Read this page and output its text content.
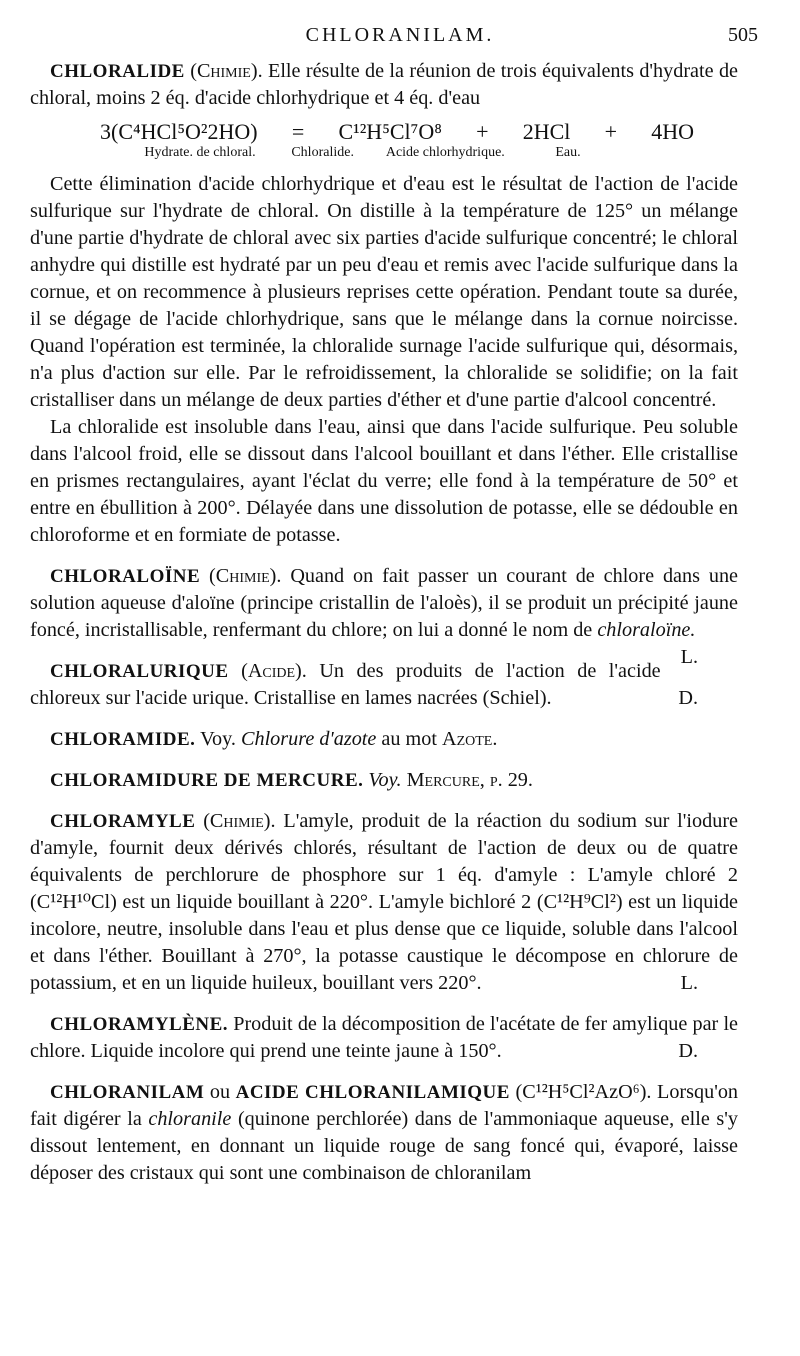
CHLORANILAM.	505

CHLORALIDE (Chimie). Elle résulte de la réunion de trois équivalents d'hydrate de chloral, moins 2 éq. d'acide chlorhydrique et 4 éq. d'eau

3(C⁴HCl⁵O²2HO) = C¹²H⁵Cl⁷O⁸ + 2HCl + 4HO
Hydrate. de chloral.	Chloralide.	Acide chlorhydrique.	Eau.

Cette élimination d'acide chlorhydrique et d'eau est le résultat de l'action de l'acide sulfurique sur l'hydrate de chloral. On distille à la température de 125° un mélange d'une partie d'hydrate de chloral avec six parties d'acide sulfurique concentré; le chloral anhydre qui distille est hydraté par un peu d'eau et remis avec l'acide sulfurique dans la cornue, et on recommence à plusieurs reprises cette opération. Pendant toute sa durée, il se dégage de l'acide chlorhydrique, sans que le mélange dans la cornue noircisse. Quand l'opération est terminée, la chloralide surnage l'acide sulfurique qui, désormais, n'a plus d'action sur elle. Par le refroidissement, la chloralide se solidifie; on la fait cristalliser dans un mélange de deux parties d'éther et d'une partie d'alcool concentré.

La chloralide est insoluble dans l'eau, ainsi que dans l'acide sulfurique. Peu soluble dans l'alcool froid, elle se dissout dans l'alcool bouillant et dans l'éther. Elle cristallise en prismes rectangulaires, ayant l'éclat du verre; elle fond à la température de 50° et entre en ébullition à 200°. Délayée dans une dissolution de potasse, elle se dédouble en chloroforme et en formiate de potasse.

CHLORALOÏNE (Chimie). Quand on fait passer un courant de chlore dans une solution aqueuse d'aloïne (principe cristallin de l'aloès), il se produit un précipité jaune foncé, incristallisable, renfermant du chlore; on lui a donné le nom de chloraloïne.
L.

CHLORALURIQUE (Acide). Un des produits de l'action de l'acide chloreux sur l'acide urique. Cristallise en lames nacrées (Schiel).	D.

CHLORAMIDE. Voy. Chlorure d'azote au mot Azote.

CHLORAMIDURE DE MERCURE. Voy. Mercure, p. 29.

CHLORAMYLE (Chimie). L'amyle, produit de la réaction du sodium sur l'iodure d'amyle, fournit deux dérivés chlorés, résultant de l'action de deux ou de quatre équivalents de perchlorure de phosphore sur 1 éq. d'amyle : L'amyle chloré 2 (C¹²H¹⁰Cl) est un liquide bouillant à 220°. L'amyle bichloré 2 (C¹²H⁹Cl²) est un liquide incolore, neutre, insoluble dans l'eau et plus dense que ce liquide, soluble dans l'alcool et dans l'éther. Bouillant à 270°, la potasse caustique le décompose en chlorure de potassium, et en un liquide huileux, bouillant vers 220°.	L.

CHLORAMYLÈNE. Produit de la décomposition de l'acétate de fer amylique par le chlore. Liquide incolore qui prend une teinte jaune à 150°.	D.

CHLORANILAM ou ACIDE CHLORANILAMIQUE (C¹²H⁵Cl²AzO⁶). Lorsqu'on fait digérer la chloranile (quinone perchlorée) dans de l'ammoniaque aqueuse, elle s'y dissout lentement, en donnant un liquide rouge de sang foncé qui, évaporé, laisse déposer des cristaux qui sont une combinaison de chloranilam
